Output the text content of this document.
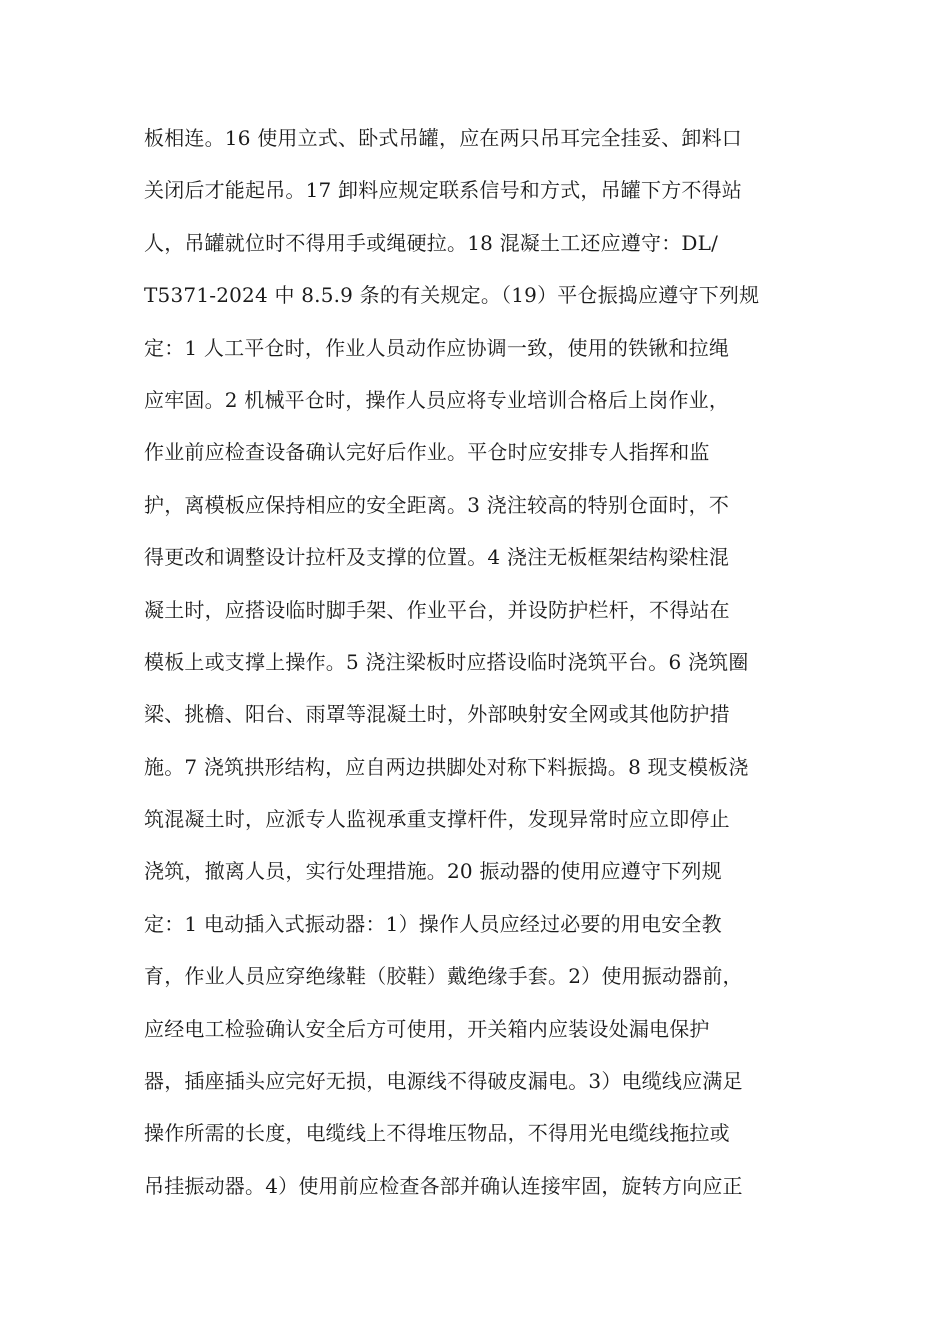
板相连。16 使用立式、卧式吊罐，应在两只吊耳完全挂妥、卸料口
关闭后才能起吊。17 卸料应规定联系信号和方式，吊罐下方不得站
人，吊罐就位时不得用手或绳硬拉。18 混凝土工还应遵守：DL/
T5371-2024 中 8.5.9 条的有关规定。（19）平仓振捣应遵守下列规
定：1 人工平仓时，作业人员动作应协调一致，使用的铁锹和拉绳
应牢固。2 机械平仓时，操作人员应将专业培训合格后上岗作业，
作业前应检查设备确认完好后作业。平仓时应安排专人指挥和监
护，离模板应保持相应的安全距离。3 浇注较高的特别仓面时，不
得更改和调整设计拉杆及支撑的位置。4 浇注无板框架结构梁柱混
凝土时，应搭设临时脚手架、作业平台，并设防护栏杆，不得站在
模板上或支撑上操作。5 浇注梁板时应搭设临时浇筑平台。6 浇筑圈
梁、挑檐、阳台、雨罩等混凝土时，外部映射安全网或其他防护措
施。7 浇筑拱形结构，应自两边拱脚处对称下料振捣。8 现支模板浇
筑混凝土时，应派专人监视承重支撑杆件，发现异常时应立即停止
浇筑，撤离人员，实行处理措施。20 振动器的使用应遵守下列规
定：1 电动插入式振动器：1）操作人员应经过必要的用电安全教
育，作业人员应穿绝缘鞋（胶鞋）戴绝缘手套。2）使用振动器前，
应经电工检验确认安全后方可使用，开关箱内应装设处漏电保护
器，插座插头应完好无损，电源线不得破皮漏电。3）电缆线应满足
操作所需的长度，电缆线上不得堆压物品，不得用光电缆线拖拉或
吊挂振动器。4）使用前应检查各部并确认连接牢固，旋转方向应正
